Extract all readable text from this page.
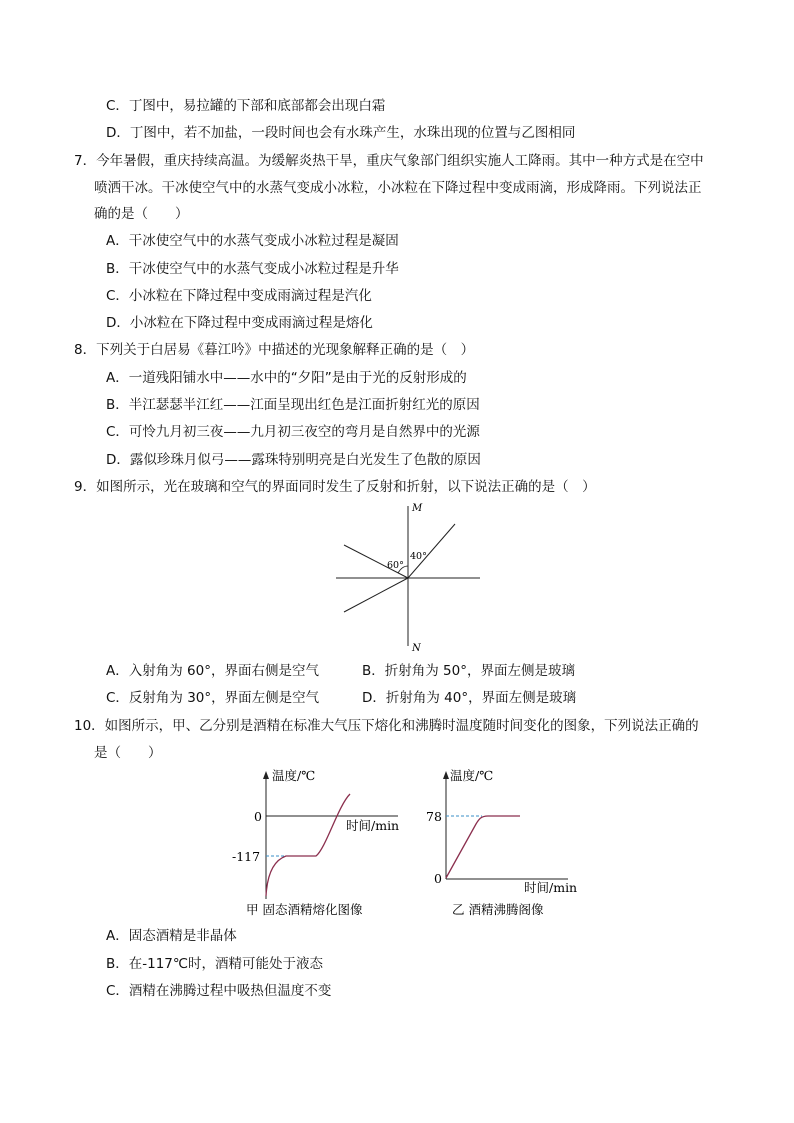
C．丁图中，易拉罐的下部和底部都会出现白霜
D．丁图中，若不加盐，一段时间也会有水珠产生，水珠出现的位置与乙图相同
7．今年暑假，重庆持续高温。为缓解炎热干旱，重庆气象部门组织实施人工降雨。其中一种方式是在空中
喷洒干冰。干冰使空气中的水蒸气变成小冰粒，小冰粒在下降过程中变成雨滴，形成降雨。下列说法正
确的是（　　）
A．干冰使空气中的水蒸气变成小冰粒过程是凝固
B．干冰使空气中的水蒸气变成小冰粒过程是升华
C．小冰粒在下降过程中变成雨滴过程是汽化
D．小冰粒在下降过程中变成雨滴过程是熔化
8．下列关于白居易《暮江吟》中描述的光现象解释正确的是（　）
A．一道残阳铺水中——水中的“夕阳”是由于光的反射形成的
B．半江瑟瑟半江红——江面呈现出红色是江面折射红光的原因
C．可怜九月初三夜——九月初三夜空的弯月是自然界中的光源
D．露似珍珠月似弓——露珠特别明亮是白光发生了色散的原因
9．如图所示，光在玻璃和空气的界面同时发生了反射和折射，以下说法正确的是（　）
M
N
60°
40°
A．入射角为 60°，界面右侧是空气	B．折射角为 50°，界面左侧是玻璃
C．反射角为 30°，界面左侧是空气	D．折射角为 40°，界面左侧是玻璃
10．如图所示，甲、乙分别是酒精在标准大气压下熔化和沸腾时温度随时间变化的图象，下列说法正确的
是（　　）
温度/℃
0
-117
时间/min
甲 固态酒精熔化图像
温度/℃
78
0
时间/min
乙 酒精沸腾阁像
A．固态酒精是非晶体
B．在-117℃时，酒精可能处于液态
C．酒精在沸腾过程中吸热但温度不变
